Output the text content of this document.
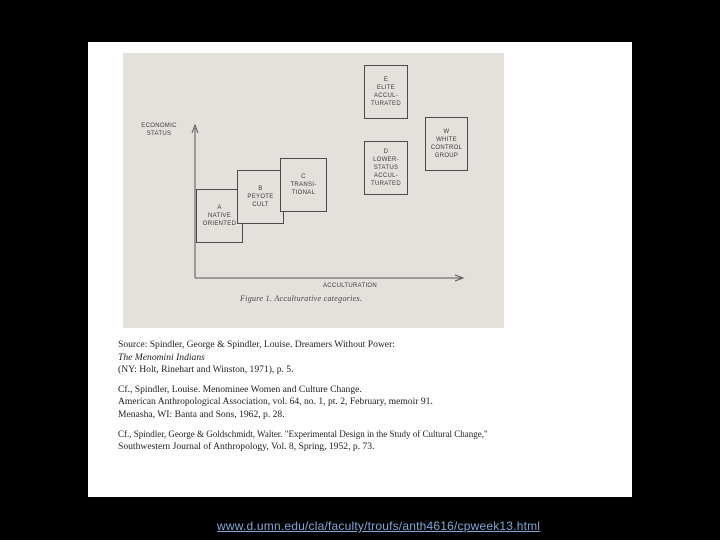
ECONOMIC
STATUS
ACCULTURATION
Figure 1. Acculturative categories.
A
NATIVE
ORIENTED
B
PEYOTE
CULT
C
TRANSI-
TIONAL
D
LOWER-
STATUS
ACCUL-
TURATED
E
ELITE
ACCUL-
TURATED
W
WHITE
CONTROL
GROUP

Source: Spindler, George & Spindler, Louise. Dreamers Without Power:
The Menomini Indians
(NY: Holt, Rinehart and Winston, 1971), p. 5.

Cf., Spindler, Louise. Menominee Women and Culture Change.
American Anthropological Association, vol. 64, no. 1, pt. 2, February, memoir 91.
Menasha, WI: Banta and Sons, 1962, p. 28.

Cf., Spindler, George & Goldschmidt, Walter. "Experimental Design in the Study of Cultural Change,"
Southwestern Journal of Anthropology, Vol. 8, Spring, 1952, p. 73.

www.d.umn.edu/cla/faculty/troufs/anth4616/cpweek13.html
